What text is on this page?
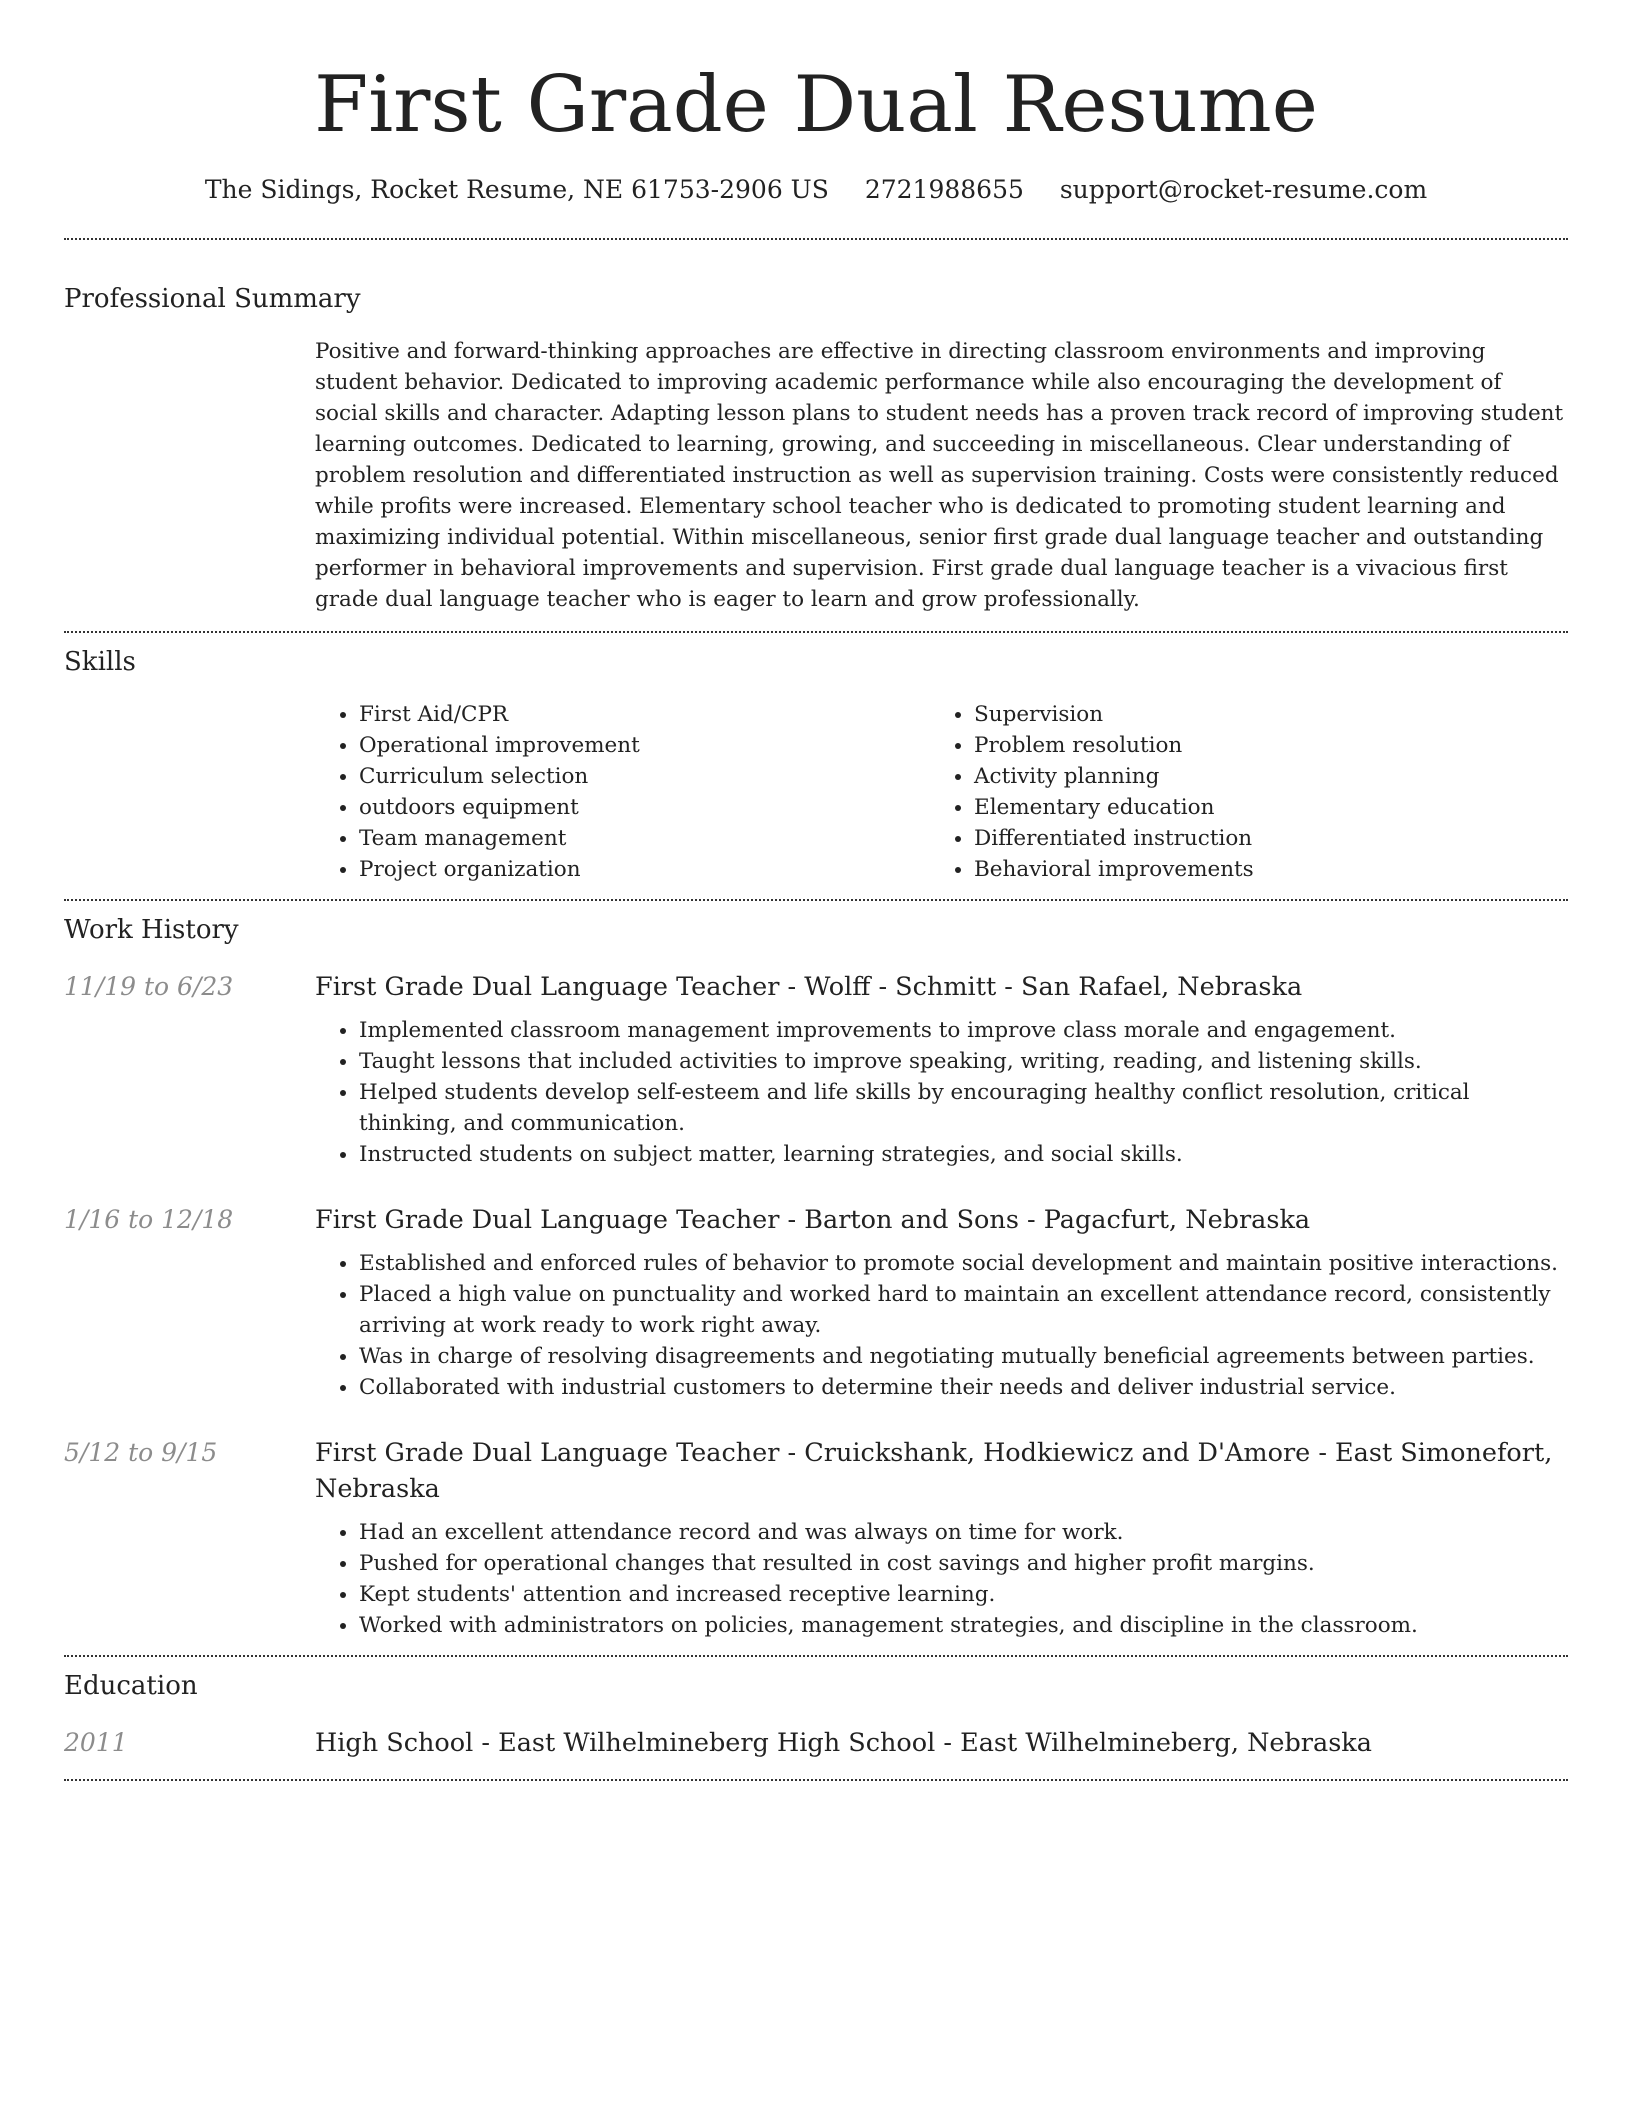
First Grade Dual Resume
The Sidings, Rocket Resume, NE 61753-2906 US 2721988655 support@rocket-resume.com
Professional Summary

Positive and forward-thinking approaches are effective in directing classroom environments and improving student behavior. Dedicated to improving academic performance while also encouraging the development of social skills and character. Adapting lesson plans to student needs has a proven track record of improving student learning outcomes. Dedicated to learning, growing, and succeeding in miscellaneous. Clear understanding of problem resolution and differentiated instruction as well as supervision training. Costs were consistently reduced while profits were increased. Elementary school teacher who is dedicated to promoting student learning and maximizing individual potential. Within miscellaneous, senior first grade dual language teacher and outstanding performer in behavioral improvements and supervision. First grade dual language teacher is a vivacious first grade dual language teacher who is eager to learn and grow professionally.

Skills
• First Aid/CPR
• Operational improvement
• Curriculum selection
• outdoors equipment
• Team management
• Project organization
• Supervision
• Problem resolution
• Activity planning
• Elementary education
• Differentiated instruction
• Behavioral improvements
Work History
11/19 to 6/23	First Grade Dual Language Teacher - Wolff - Schmitt - San Rafael, Nebraska
• Implemented classroom management improvements to improve class morale and engagement.
• Taught lessons that included activities to improve speaking, writing, reading, and listening skills.
• Helped students develop self-esteem and life skills by encouraging healthy conflict resolution, critical thinking, and communication.
• Instructed students on subject matter, learning strategies, and social skills.
1/16 to 12/18	First Grade Dual Language Teacher - Barton and Sons - Pagacfurt, Nebraska
• Established and enforced rules of behavior to promote social development and maintain positive interactions.
• Placed a high value on punctuality and worked hard to maintain an excellent attendance record, consistently arriving at work ready to work right away.
• Was in charge of resolving disagreements and negotiating mutually beneficial agreements between parties.
• Collaborated with industrial customers to determine their needs and deliver industrial service.
5/12 to 9/15	First Grade Dual Language Teacher - Cruickshank, Hodkiewicz and D'Amore - East Simonefort, Nebraska
• Had an excellent attendance record and was always on time for work.
• Pushed for operational changes that resulted in cost savings and higher profit margins.
• Kept students' attention and increased receptive learning.
• Worked with administrators on policies, management strategies, and discipline in the classroom.
Education
2011	High School - East Wilhelmineberg High School - East Wilhelmineberg, Nebraska
